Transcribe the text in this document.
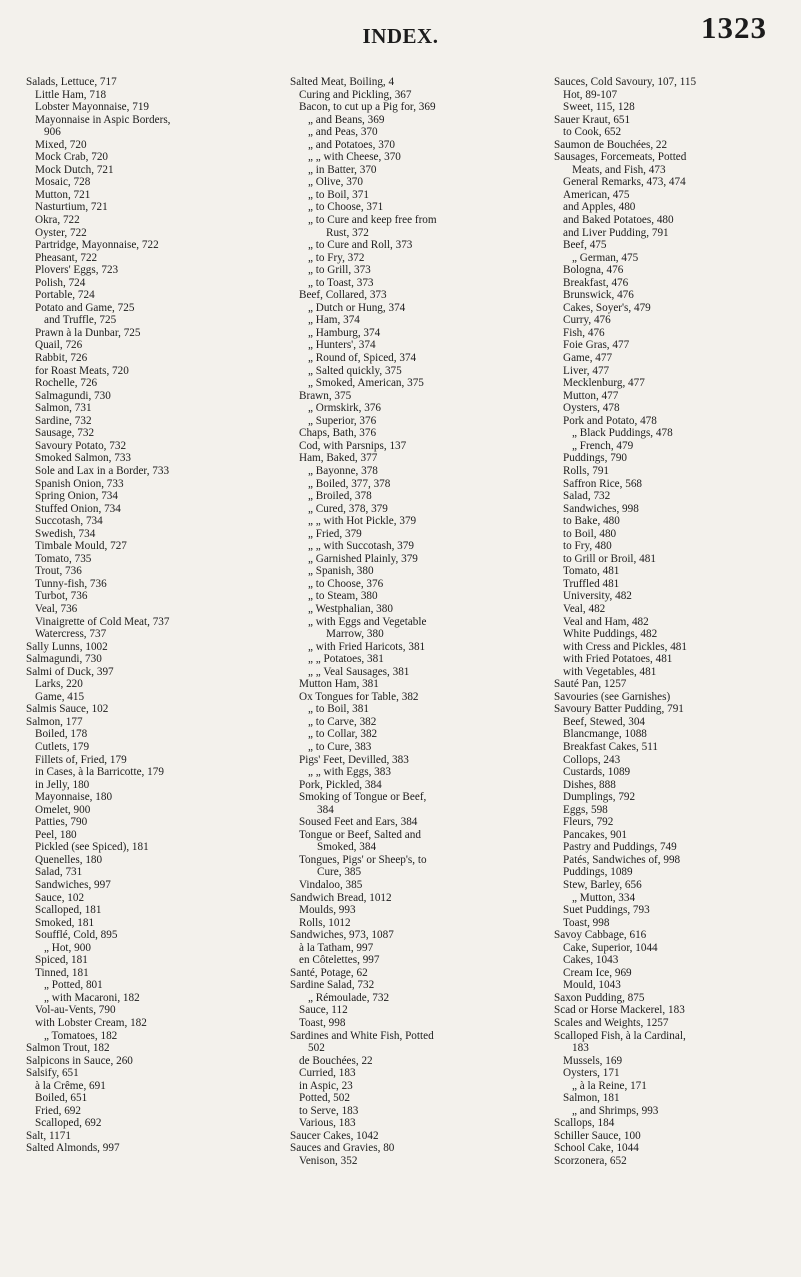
INDEX.	1323
Salads, Lettuce, 717
Little Ham, 718
Lobster Mayonnaise, 719
Mayonnaise in Aspic Borders,
906
Mixed, 720
Mock Crab, 720
Mock Dutch, 721
Mosaic, 728
Mutton, 721
Nasturtium, 721
Okra, 722
Oyster, 722
Partridge, Mayonnaise, 722
Pheasant, 722
Plovers' Eggs, 723
Polish, 724
Portable, 724
Potato and Game, 725
and Truffle, 725
Prawn à la Dunbar, 725
Quail, 726
Rabbit, 726
for Roast Meats, 720
Rochelle, 726
Salmagundi, 730
Salmon, 731
Sardine, 732
Sausage, 732
Savoury Potato, 732
Smoked Salmon, 733
Sole and Lax in a Border, 733
Spanish Onion, 733
Spring Onion, 734
Stuffed Onion, 734
Succotash, 734
Swedish, 734
Timbale Mould, 727
Tomato, 735
Trout, 736
Tunny-fish, 736
Turbot, 736
Veal, 736
Vinaigrette of Cold Meat, 737
Watercress, 737
Sally Lunns, 1002
Salmagundi, 730
Salmi of Duck, 397
Larks, 220
Game, 415
Salmis Sauce, 102
Salmon, 177
Boiled, 178
Cutlets, 179
Fillets of, Fried, 179
in Cases, à la Barricotte, 179
in Jelly, 180
Mayonnaise, 180
Omelet, 900
Patties, 790
Peel, 180
Pickled (see Spiced), 181
Quenelles, 180
Salad, 731
Sandwiches, 997
Sauce, 102
Scalloped, 181
Smoked, 181
Soufflé, Cold, 895
„ Hot, 900
Spiced, 181
Tinned, 181
„ Potted, 801
„ with Macaroni, 182
Vol-au-Vents, 790
with Lobster Cream, 182
„ Tomatoes, 182
Salmon Trout, 182
Salpicons in Sauce, 260
Salsify, 651
à la Crême, 691
Boiled, 651
Fried, 692
Scalloped, 692
Salt, 1171
Salted Almonds, 997
Salted Meat, Boiling, 4
Curing and Pickling, 367
Bacon, to cut up a Pig for, 369
„ and Beans, 369
„ and Peas, 370
„ and Potatoes, 370
„ „ with Cheese, 370
„ in Batter, 370
„ Olive, 370
„ to Boil, 371
„ to Choose, 371
„ to Cure and keep free from
Rust, 372
„ to Cure and Roll, 373
„ to Fry, 372
„ to Grill, 373
„ to Toast, 373
Beef, Collared, 373
„ Dutch or Hung, 374
„ Ham, 374
„ Hamburg, 374
„ Hunters', 374
„ Round of, Spiced, 374
„ Salted quickly, 375
„ Smoked, American, 375
Brawn, 375
„ Ormskirk, 376
„ Superior, 376
Chaps, Bath, 376
Cod, with Parsnips, 137
Ham, Baked, 377
„ Bayonne, 378
„ Boiled, 377, 378
„ Broiled, 378
„ Cured, 378, 379
„ „ with Hot Pickle, 379
„ Fried, 379
„ „ with Succotash, 379
„ Garnished Plainly, 379
„ Spanish, 380
„ to Choose, 376
„ to Steam, 380
„ Westphalian, 380
„ with Eggs and Vegetable
Marrow, 380
„ with Fried Haricots, 381
„ „ Potatoes, 381
„ „ Veal Sausages, 381
Mutton Ham, 381
Ox Tongues for Table, 382
„ to Boil, 381
„ to Carve, 382
„ to Collar, 382
„ to Cure, 383
Pigs' Feet, Devilled, 383
„ „ with Eggs, 383
Pork, Pickled, 384
Smoking of Tongue or Beef,
384
Soused Feet and Ears, 384
Tongue or Beef, Salted and
Smoked, 384
Tongues, Pigs' or Sheep's, to
Cure, 385
Vindaloo, 385
Sandwich Bread, 1012
Moulds, 993
Rolls, 1012
Sandwiches, 973, 1087
à la Tatham, 997
en Côtelettes, 997
Santé, Potage, 62
Sardine Salad, 732
„ Rémoulade, 732
Sauce, 112
Toast, 998
Sardines and White Fish, Potted
502
de Bouchées, 22
Curried, 183
in Aspic, 23
Potted, 502
to Serve, 183
Various, 183
Saucer Cakes, 1042
Sauces and Gravies, 80
Venison, 352
Sauces, Cold Savoury, 107, 115
Hot, 89-107
Sweet, 115, 128
Sauer Kraut, 651
to Cook, 652
Saumon de Bouchées, 22
Sausages, Forcemeats, Potted
Meats, and Fish, 473
General Remarks, 473, 474
American, 475
and Apples, 480
and Baked Potatoes, 480
and Liver Pudding, 791
Beef, 475
„ German, 475
Bologna, 476
Breakfast, 476
Brunswick, 476
Cakes, Soyer's, 479
Curry, 476
Fish, 476
Foie Gras, 477
Game, 477
Liver, 477
Mecklenburg, 477
Mutton, 477
Oysters, 478
Pork and Potato, 478
„ Black Puddings, 478
„ French, 479
Puddings, 790
Rolls, 791
Saffron Rice, 568
Salad, 732
Sandwiches, 998
to Bake, 480
to Boil, 480
to Fry, 480
to Grill or Broil, 481
Tomato, 481
Truffled 481
University, 482
Veal, 482
Veal and Ham, 482
White Puddings, 482
with Cress and Pickles, 481
with Fried Potatoes, 481
with Vegetables, 481
Sauté Pan, 1257
Savouries (see Garnishes)
Savoury Batter Pudding, 791
Beef, Stewed, 304
Blancmange, 1088
Breakfast Cakes, 511
Collops, 243
Custards, 1089
Dishes, 888
Dumplings, 792
Eggs, 598
Fleurs, 792
Pancakes, 901
Pastry and Puddings, 749
Patés, Sandwiches of, 998
Puddings, 1089
Stew, Barley, 656
„ Mutton, 334
Suet Puddings, 793
Toast, 998
Savoy Cabbage, 616
Cake, Superior, 1044
Cakes, 1043
Cream Ice, 969
Mould, 1043
Saxon Pudding, 875
Scad or Horse Mackerel, 183
Scales and Weights, 1257
Scalloped Fish, à la Cardinal,
183
Mussels, 169
Oysters, 171
„ à la Reine, 171
Salmon, 181
„ and Shrimps, 993
Scallops, 184
Schiller Sauce, 100
School Cake, 1044
Scorzonera, 652
